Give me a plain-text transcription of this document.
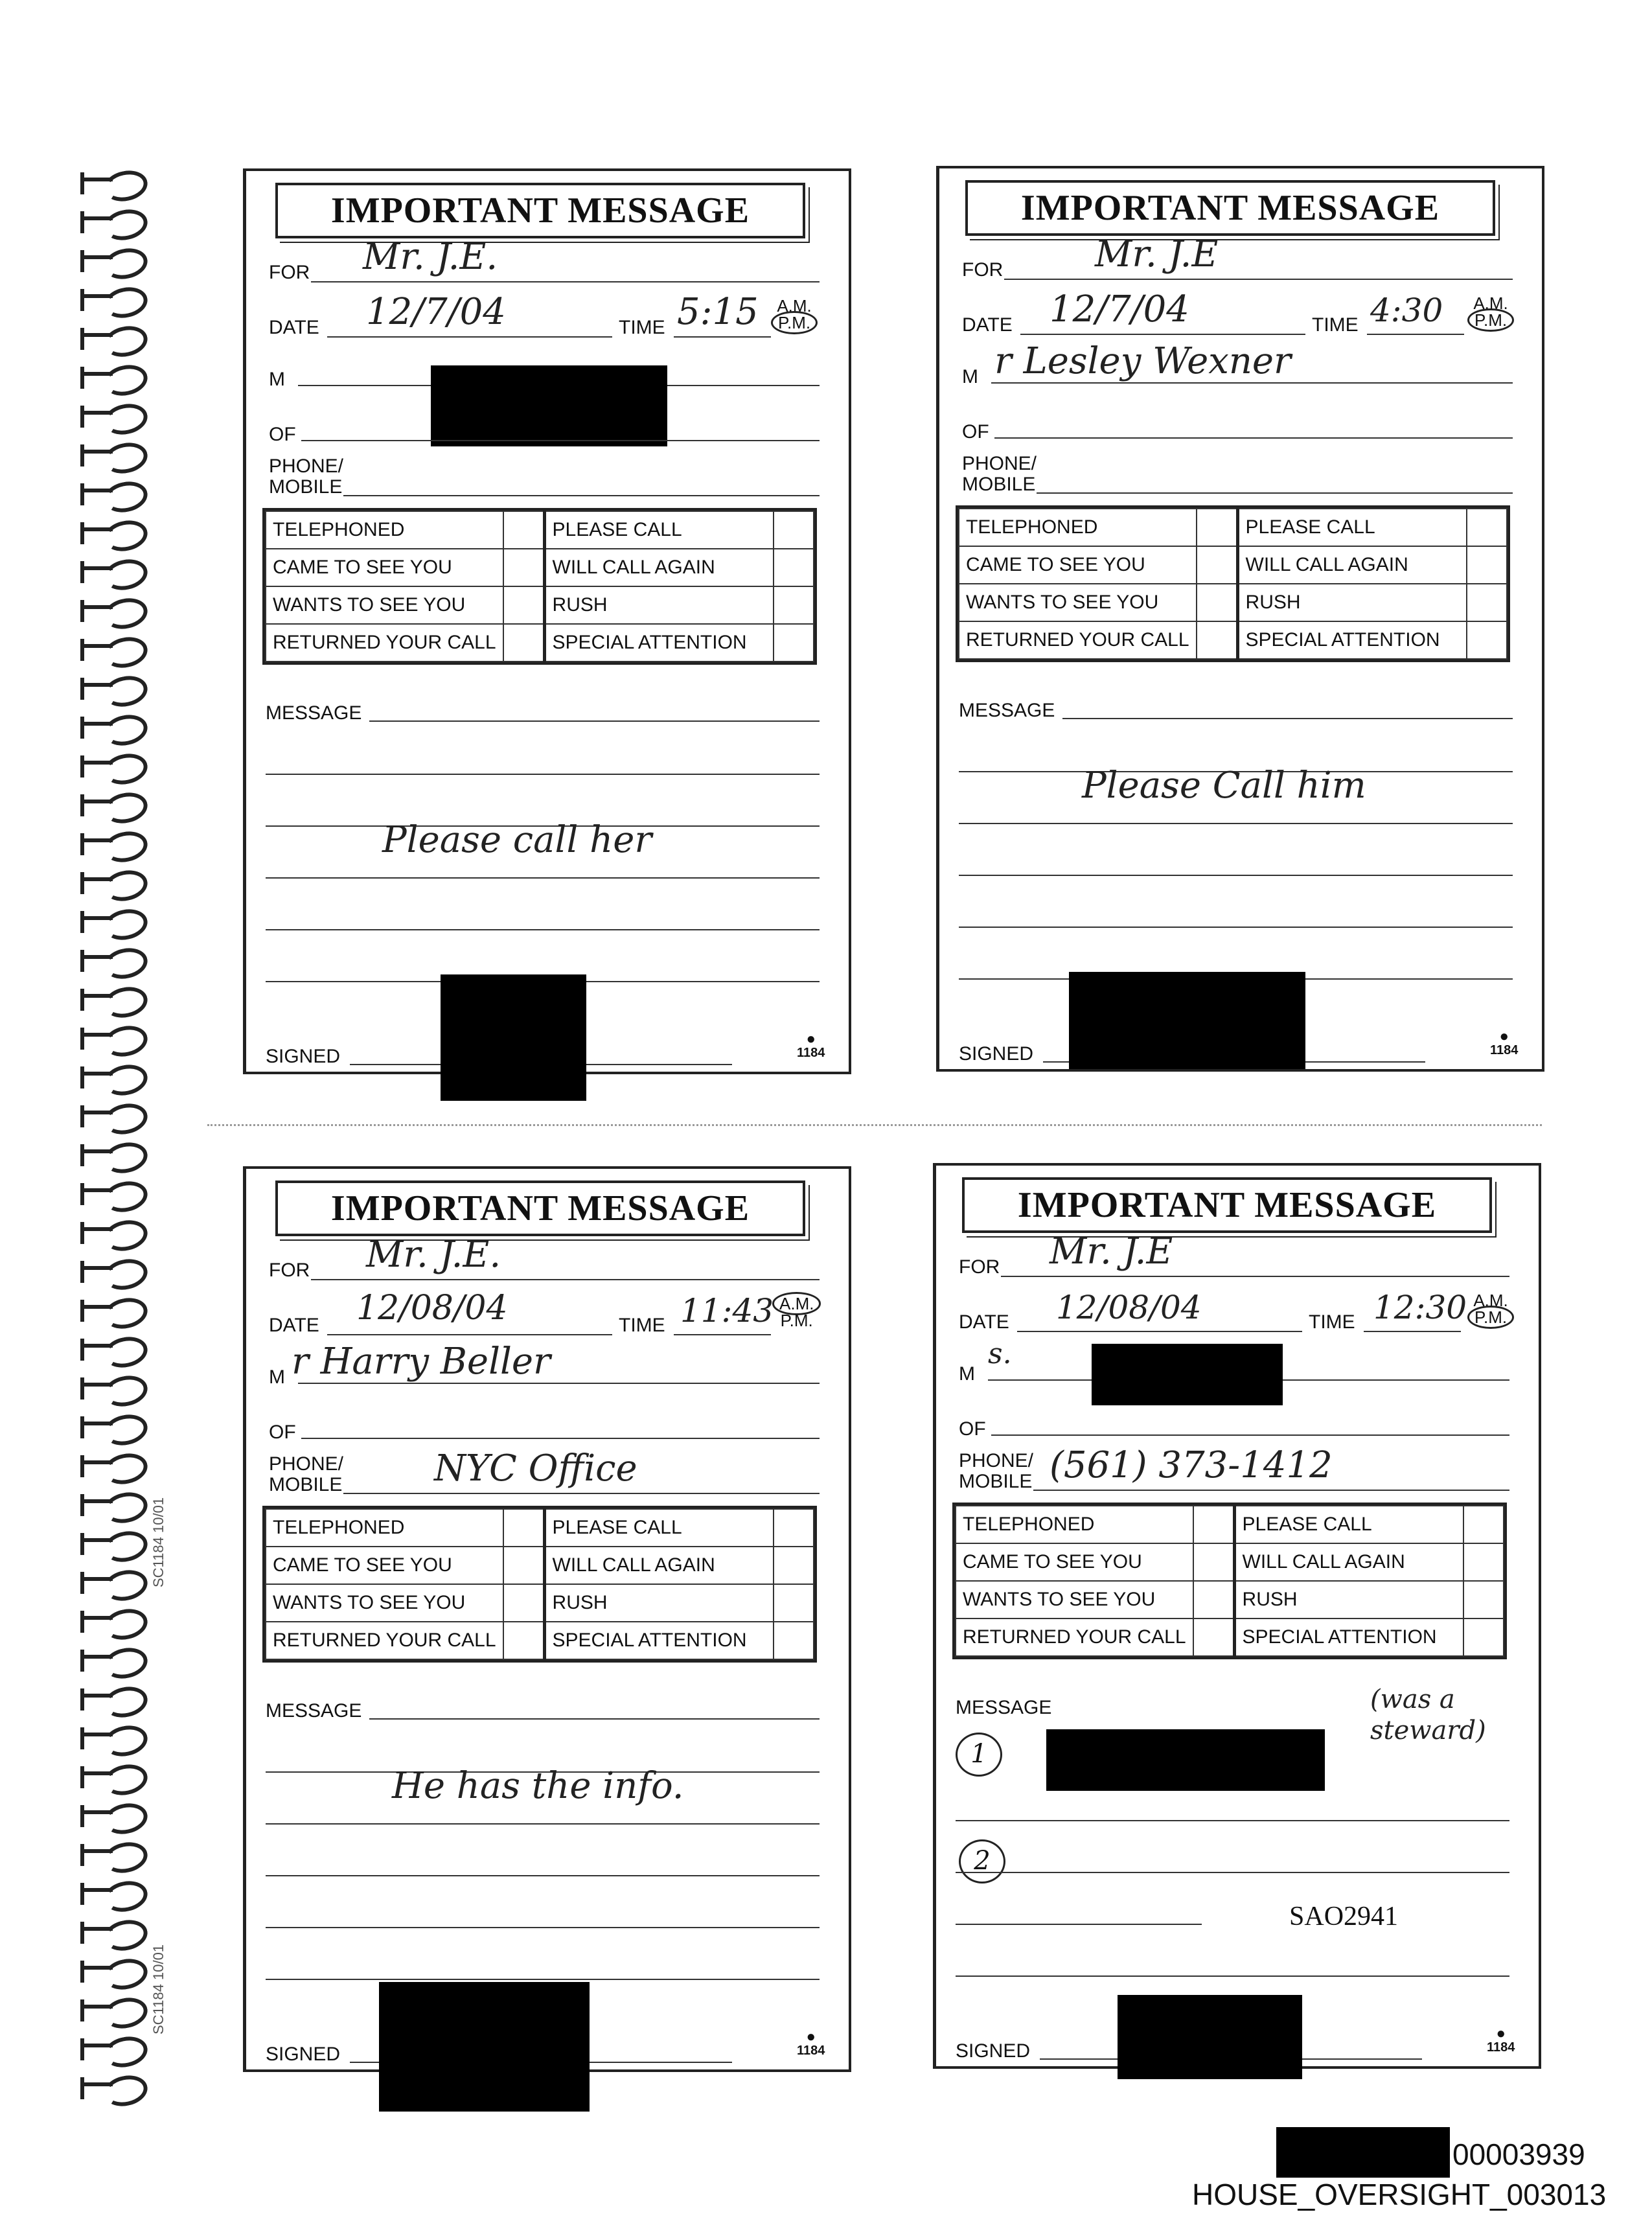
SC1184 10/01
SC1184 10/01
IMPORTANT MESSAGE
FOR Mr. J.E.
DATE 12/7/04	TIME 5:15	A.M.
P.M.
M
OF
PHONE/
MOBILE
TELEPHONED		PLEASE CALL	
CAME TO SEE YOU		WILL CALL AGAIN	
WANTS TO SEE YOU		RUSH	
RETURNED YOUR CALL		SPECIAL ATTENTION	
MESSAGE
Please call her
SIGNED
●
1184
IMPORTANT MESSAGE
FOR	Mr. J.E
DATE 12/7/04	TIME 4:30	A.M.
P.M.
M r Lesley Wexner
OF
PHONE/
MOBILE
TELEPHONED		PLEASE CALL	
CAME TO SEE YOU		WILL CALL AGAIN	
WANTS TO SEE YOU		RUSH	
RETURNED YOUR CALL		SPECIAL ATTENTION	
MESSAGE
Please Call him
SIGNED
●
1184
IMPORTANT MESSAGE
FOR Mr. J.E.
DATE 12/08/04	TIME 11:43 A.M.
P.M.
M r Harry Beller
OF
PHONE/
MOBILE	NYC Office
TELEPHONED		PLEASE CALL	
CAME TO SEE YOU		WILL CALL AGAIN	
WANTS TO SEE YOU		RUSH	
RETURNED YOUR CALL		SPECIAL ATTENTION	
MESSAGE
He has the info.
SIGNED
●
1184
IMPORTANT MESSAGE
FOR Mr. J.E
DATE 12/08/04	TIME 12:30 A.M.
P.M.
M
s.
OF
PHONE/
MOBILE (561) 373-1412
TELEPHONED		PLEASE CALL	
CAME TO SEE YOU		WILL CALL AGAIN	
WANTS TO SEE YOU		RUSH	
RETURNED YOUR CALL		SPECIAL ATTENTION	
MESSAGE	(was a steward)
1
2
SAO2941
SIGNED
●
1184
00003939
HOUSE_OVERSIGHT_003013
